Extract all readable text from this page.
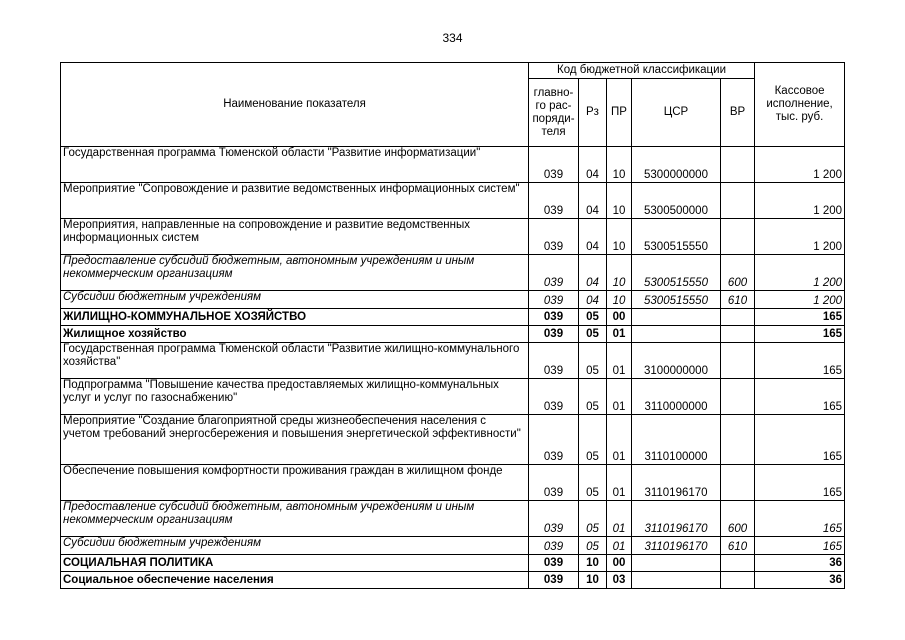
334
Наименование показателя	Код бюджетной классификации					Кассовое исполнение, тыс. руб.
	главно-го рас-поряди-теля	Рз	ПР	ЦСР	ВР	
Государственная программа Тюменской области "Развитие информатизации"	039	04	10	5300000000		1 200
Мероприятие "Сопровождение и развитие ведомственных информационных систем"	039	04	10	5300500000		1 200
Мероприятия, направленные на сопровождение и развитие ведомственных информационных систем	039	04	10	5300515550		1 200
Предоставление субсидий бюджетным, автономным учреждениям и иным некоммерческим организациям	039	04	10	5300515550	600	1 200
Субсидии бюджетным учреждениям	039	04	10	5300515550	610	1 200
ЖИЛИЩНО-КОММУНАЛЬНОЕ ХОЗЯЙСТВО	039	05	00			165
Жилищное хозяйство	039	05	01			165
Государственная программа Тюменской области "Развитие жилищно-коммунального хозяйства"	039	05	01	3100000000		165
Подпрограмма "Повышение качества предоставляемых жилищно-коммунальных услуг и услуг по газоснабжению"	039	05	01	3110000000		165
Мероприятие "Создание благоприятной среды жизнеобеспечения населения с учетом требований энергосбережения и повышения энергетической эффективности"	039	05	01	3110100000		165
Обеспечение повышения комфортности проживания граждан в жилищном фонде	039	05	01	3110196170		165
Предоставление субсидий бюджетным, автономным учреждениям и иным некоммерческим организациям	039	05	01	3110196170	600	165
Субсидии бюджетным учреждениям	039	05	01	3110196170	610	165
СОЦИАЛЬНАЯ ПОЛИТИКА	039	10	00			36
Социальное обеспечение населения	039	10	03			36
